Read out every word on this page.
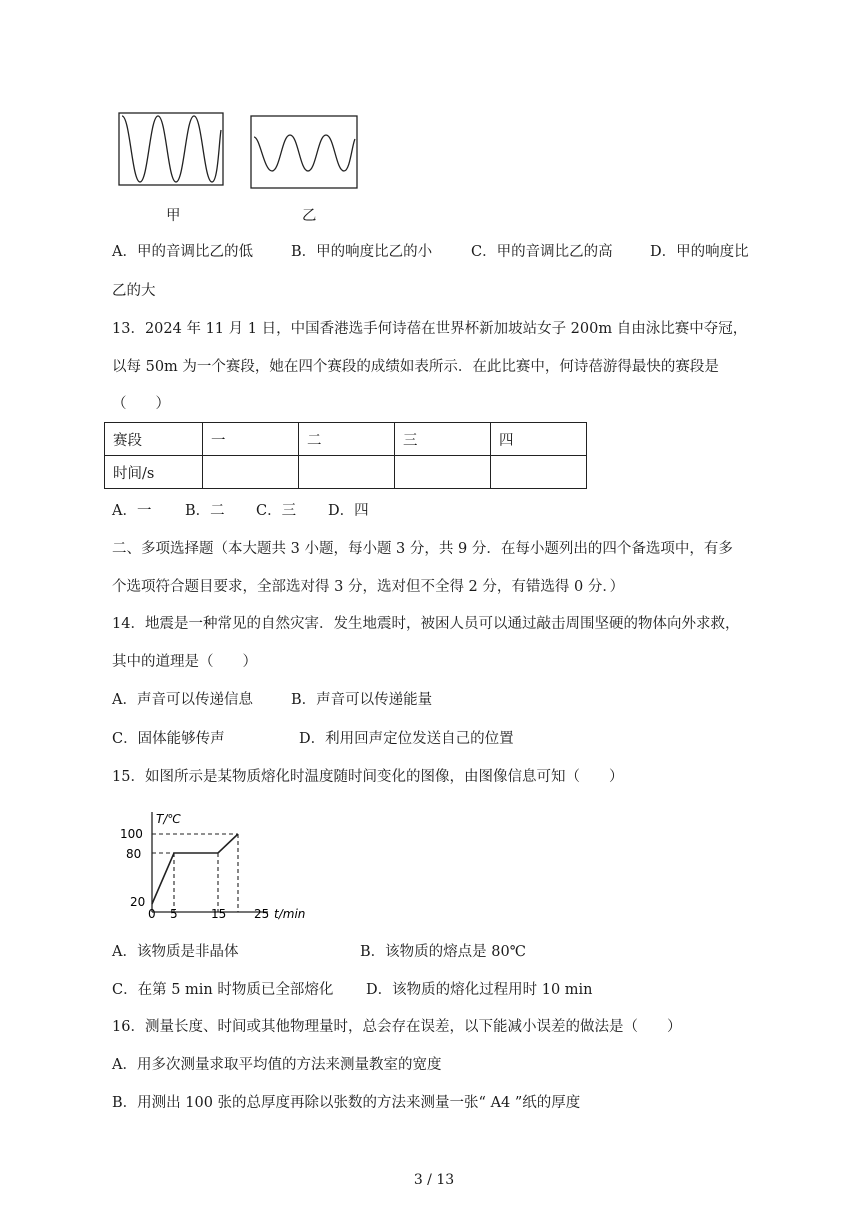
甲	乙
A．甲的音调比乙的低	B．甲的响度比乙的小	C．甲的音调比乙的高	D．甲的响度比
乙的大
13．2024 年 11 月 1 日，中国香港选手何诗蓓在世界杯新加坡站女子 200m 自由泳比赛中夺冠，
以每 50m 为一个赛段，她在四个赛段的成绩如表所示．在此比赛中，何诗蓓游得最快的赛段是
（　　）
赛段	一	二	三	四
时间/s				
A．一 B．二 C．三 D．四
二、多项选择题（本大题共 3 小题，每小题 3 分，共 9 分．在每小题列出的四个备选项中，有多
个选项符合题目要求，全部选对得 3 分，选对但不全得 2 分，有错选得 0 分．）
14．地震是一种常见的自然灾害．发生地震时，被困人员可以通过敲击周围坚硬的物体向外求救，
其中的道理是（　　）
A．声音可以传递信息	B．声音可以传递能量
C．固体能够传声	D．利用回声定位发送自己的位置
15．如图所示是某物质熔化时温度随时间变化的图像，由图像信息可知（　　）
T/℃
100
80
20
0 5	15 25 t/min
A．该物质是非晶体	B．该物质的熔点是 80℃
C．在第 5 min 时物质已全部熔化 D．该物质的熔化过程用时 10 min
16．测量长度、时间或其他物理量时，总会存在误差，以下能减小误差的做法是（　　）
A．用多次测量求取平均值的方法来测量教室的宽度
B．用测出 100 张的总厚度再除以张数的方法来测量一张“ A4 ”纸的厚度
3 / 13
